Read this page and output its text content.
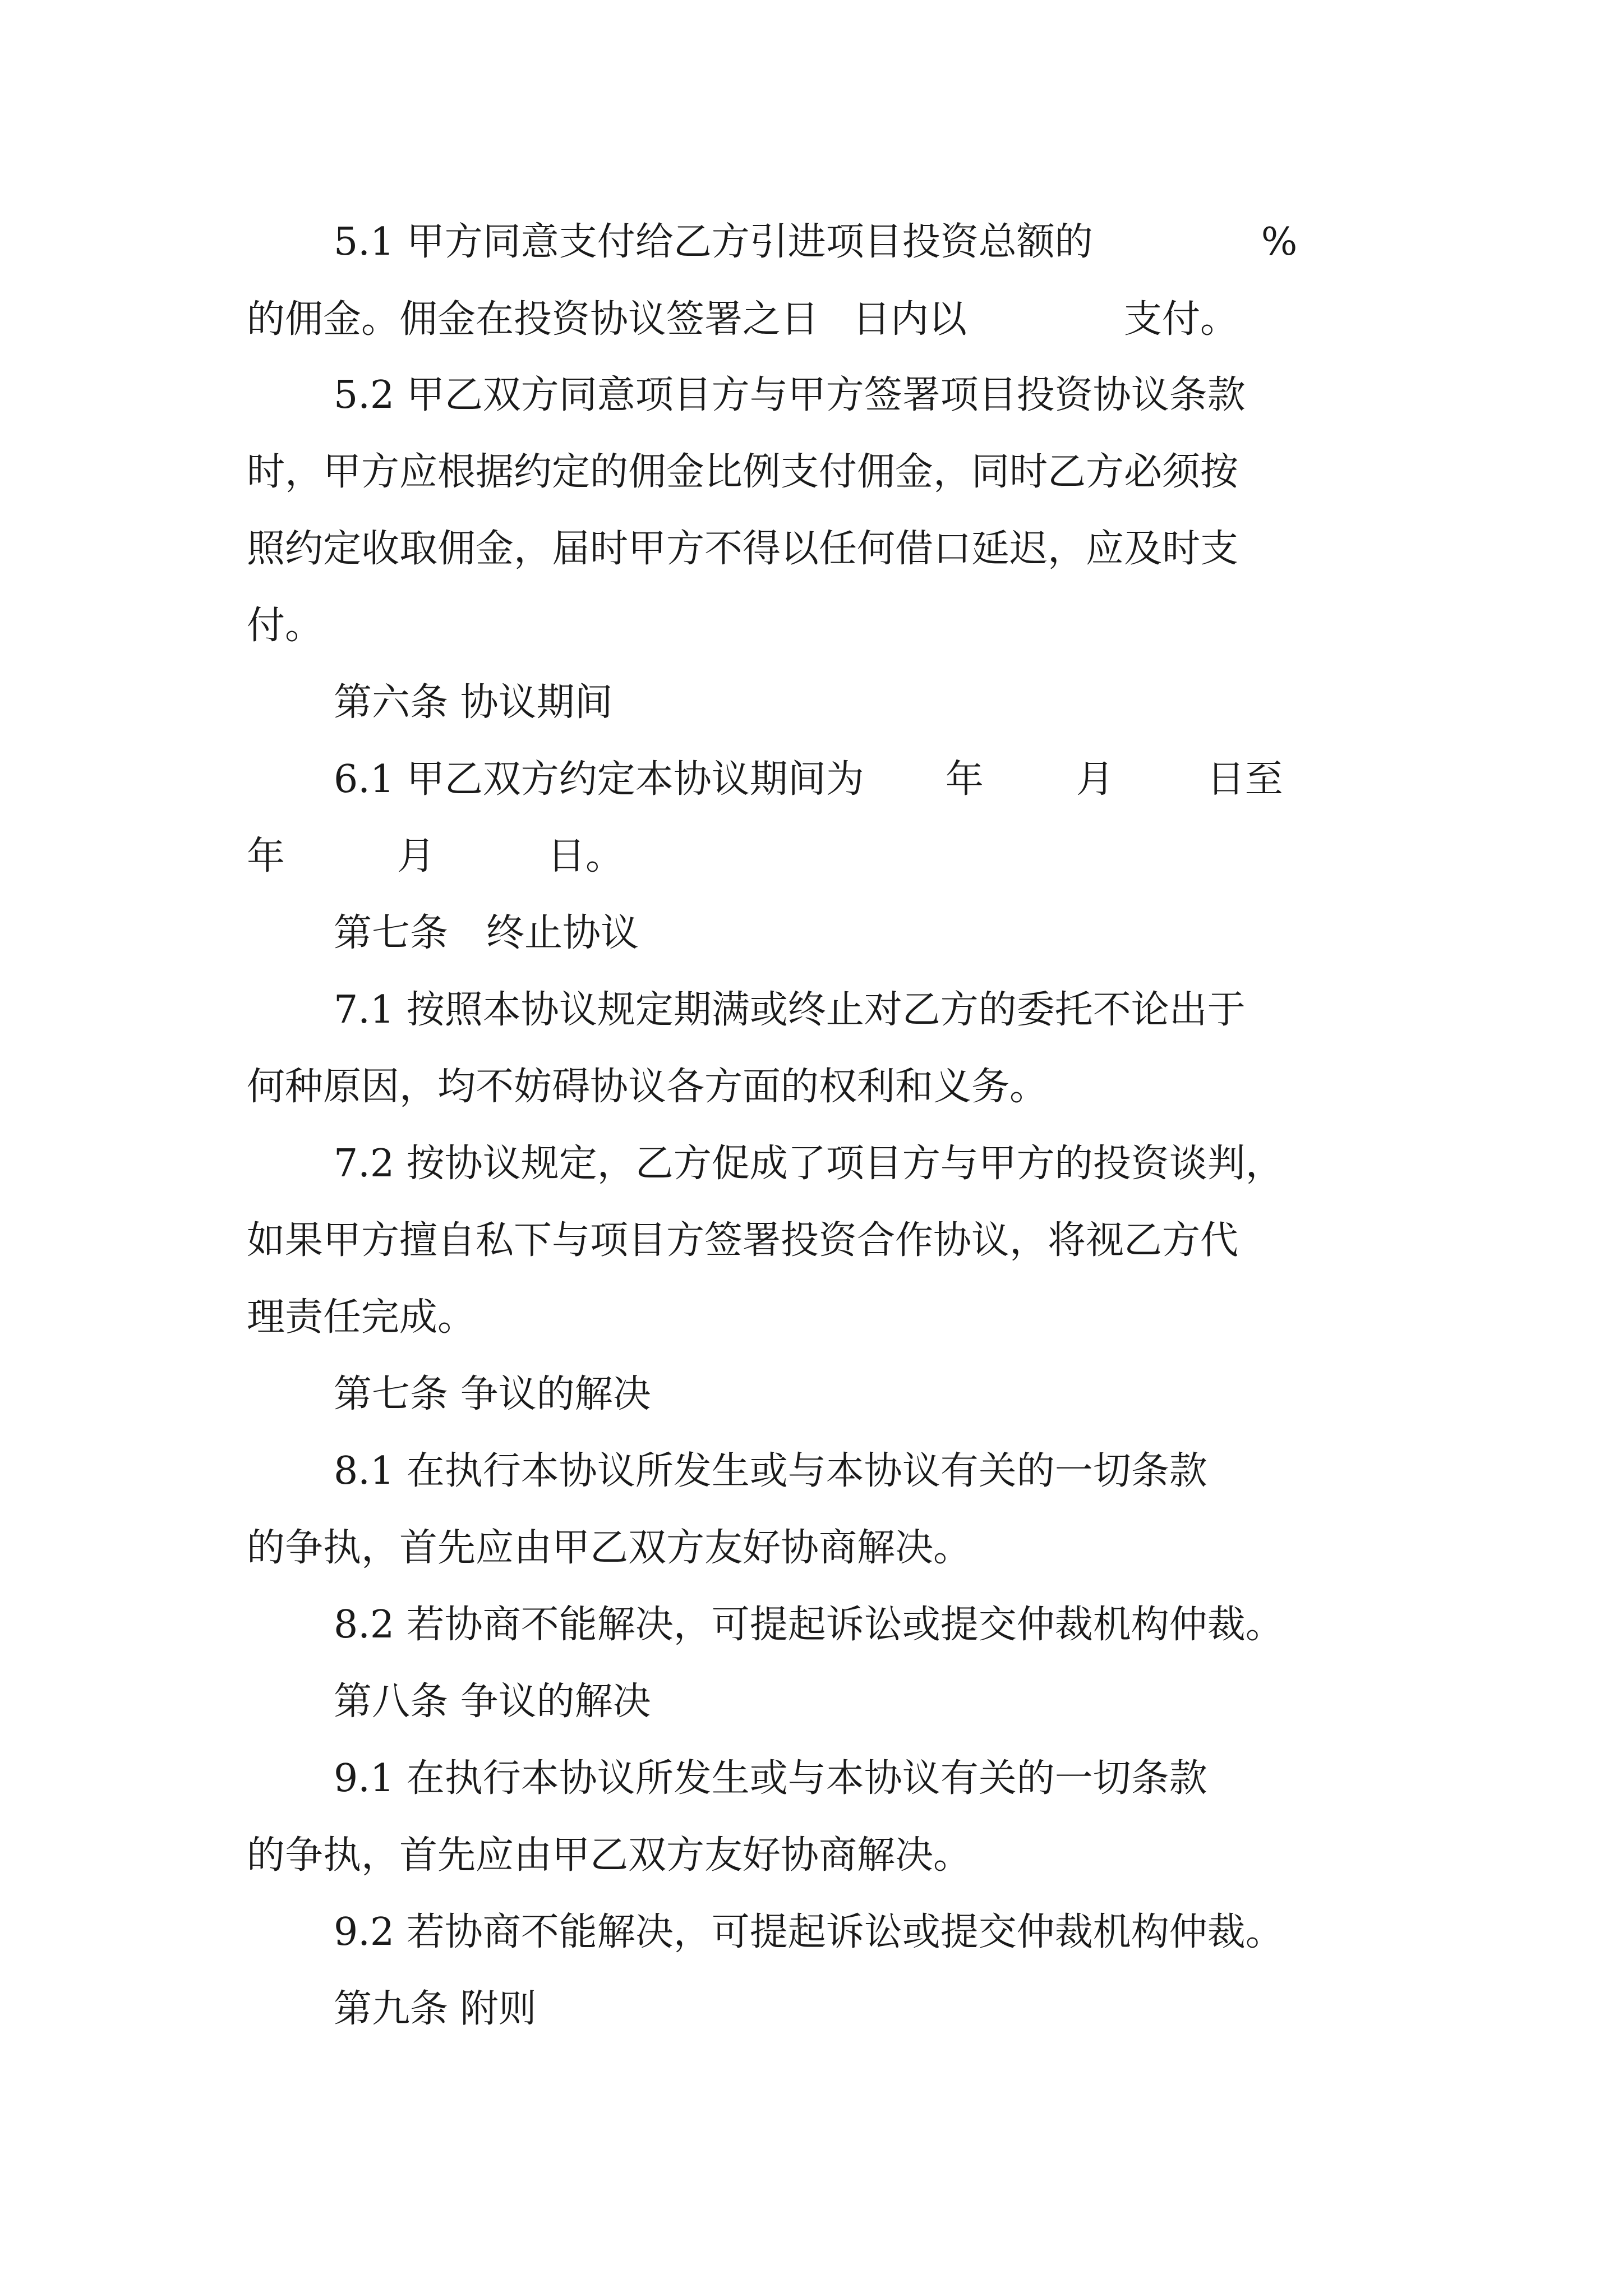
5.1 甲方同意支付给乙方引进项目投资总额的	%
的佣金。佣金在投资协议签署之日 日内以	支付。
5.2 甲乙双方同意项目方与甲方签署项目投资协议条款
时，甲方应根据约定的佣金比例支付佣金，同时乙方必须按
照约定收取佣金，届时甲方不得以任何借口延迟，应及时支
付。
第六条 协议期间
6.1 甲乙双方约定本协议期间为 年 月 日至
年	月	日。
第七条　终止协议
7.1 按照本协议规定期满或终止对乙方的委托不论出于
何种原因，均不妨碍协议各方面的权利和义务。
7.2 按协议规定，乙方促成了项目方与甲方的投资谈判，
如果甲方擅自私下与项目方签署投资合作协议，将视乙方代
理责任完成。
第七条 争议的解决
8.1 在执行本协议所发生或与本协议有关的一切条款
的争执，首先应由甲乙双方友好协商解决。
8.2 若协商不能解决，可提起诉讼或提交仲裁机构仲裁。
第八条 争议的解决
9.1 在执行本协议所发生或与本协议有关的一切条款
的争执，首先应由甲乙双方友好协商解决。
9.2 若协商不能解决，可提起诉讼或提交仲裁机构仲裁。
第九条 附则
